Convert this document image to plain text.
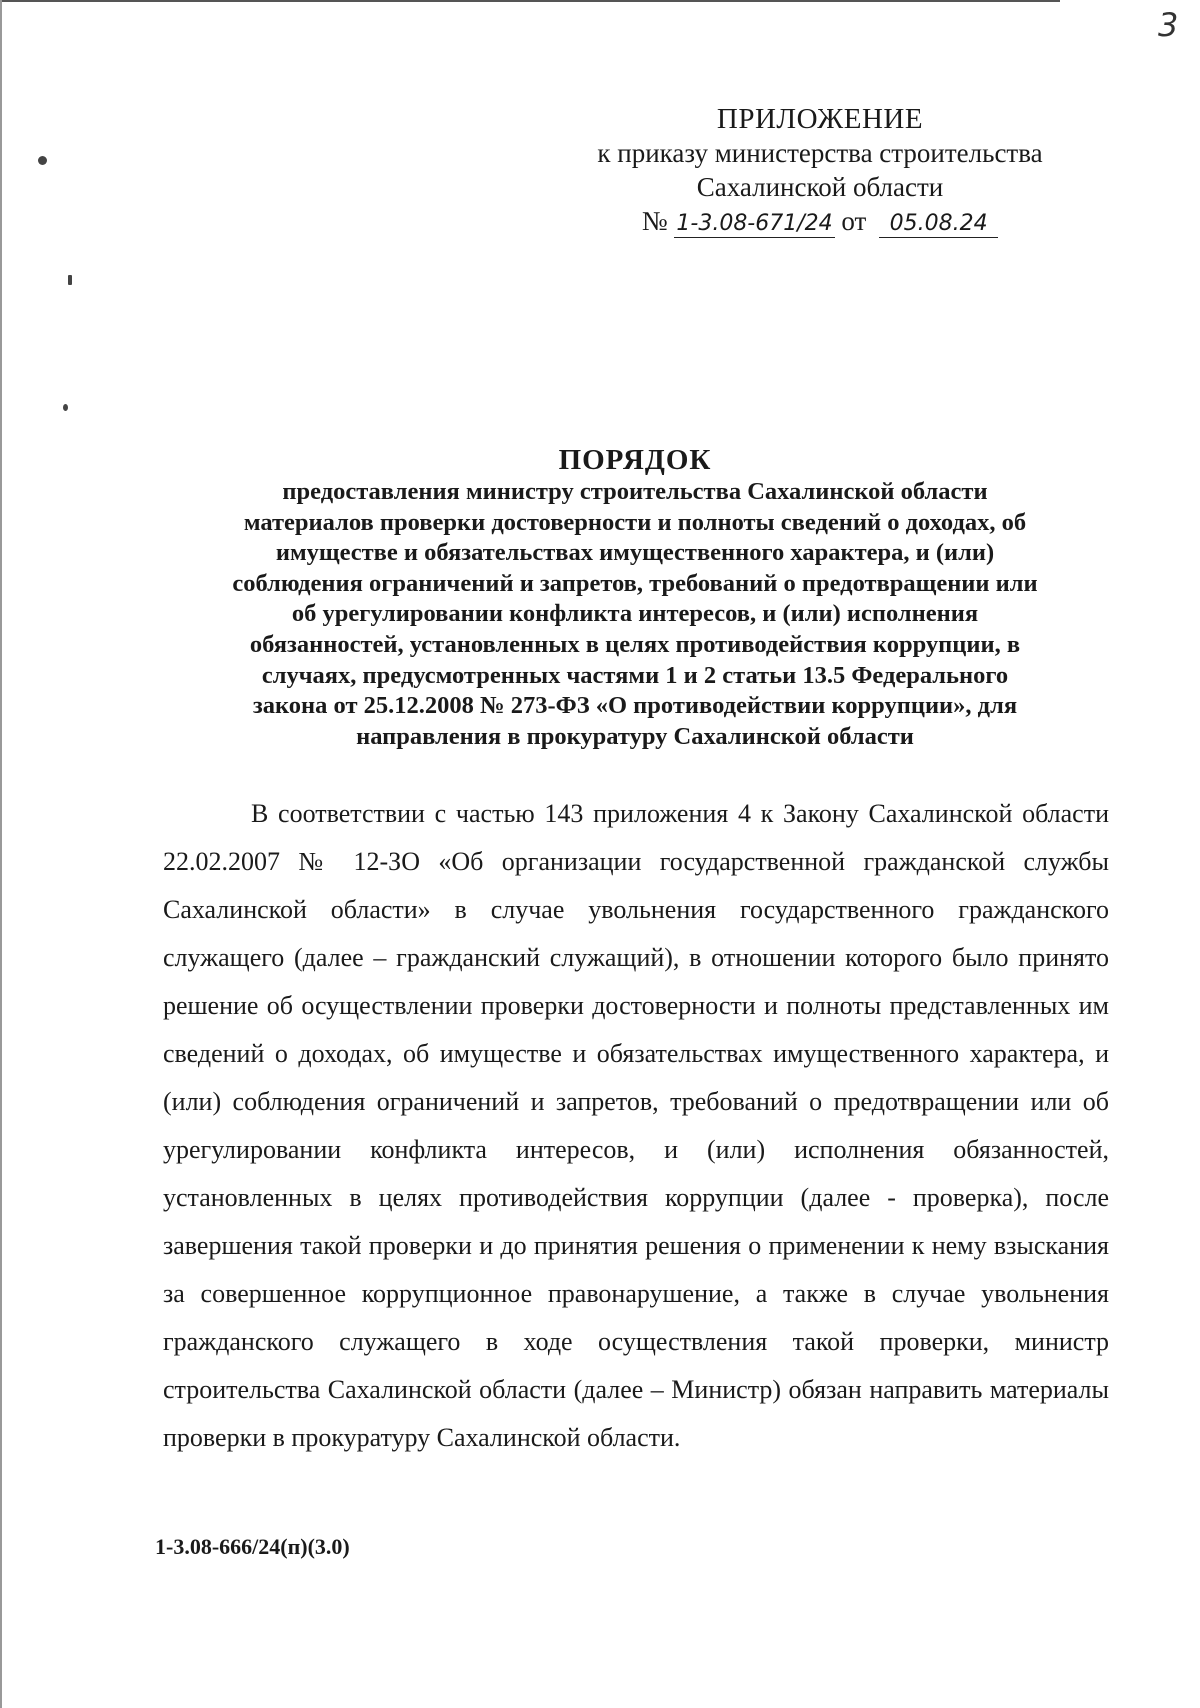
3
ПРИЛОЖЕНИЕ
к приказу министерства строительства
Сахалинской области
№ 1-3.08-671/24 от 05.08.24
ПОРЯДОК
предоставления министру строительства Сахалинской области
материалов проверки достоверности и полноты сведений о доходах, об
имуществе и обязательствах имущественного характера, и (или)
соблюдения ограничений и запретов, требований о предотвращении или
об урегулировании конфликта интересов, и (или) исполнения
обязанностей, установленных в целях противодействия коррупции, в
случаях, предусмотренных частями 1 и 2 статьи 13.5 Федерального
закона от 25.12.2008 № 273-ФЗ «О противодействии коррупции», для
направления в прокуратуру Сахалинской области

В соответствии с частью 143 приложения 4 к Закону Сахалинской области 22.02.2007 № 12-ЗО «Об организации государственной гражданской службы Сахалинской области» в случае увольнения государственного гражданского служащего (далее – гражданский служащий), в отношении которого было принято решение об осуществлении проверки достоверности и полноты представленных им сведений о доходах, об имуществе и обязательствах имущественного характера, и (или) соблюдения ограничений и запретов, требований о предотвращении или об урегулировании конфликта интересов, и (или) исполнения обязанностей, установленных в целях противодействия коррупции (далее - проверка), после завершения такой проверки и до принятия решения о применении к нему взыскания за совершенное коррупционное правонарушение, а также в случае увольнения гражданского служащего в ходе осуществления такой проверки, министр строительства Сахалинской области (далее – Министр) обязан направить материалы проверки в прокуратуру Сахалинской области.

1-3.08-666/24(п)(3.0)
